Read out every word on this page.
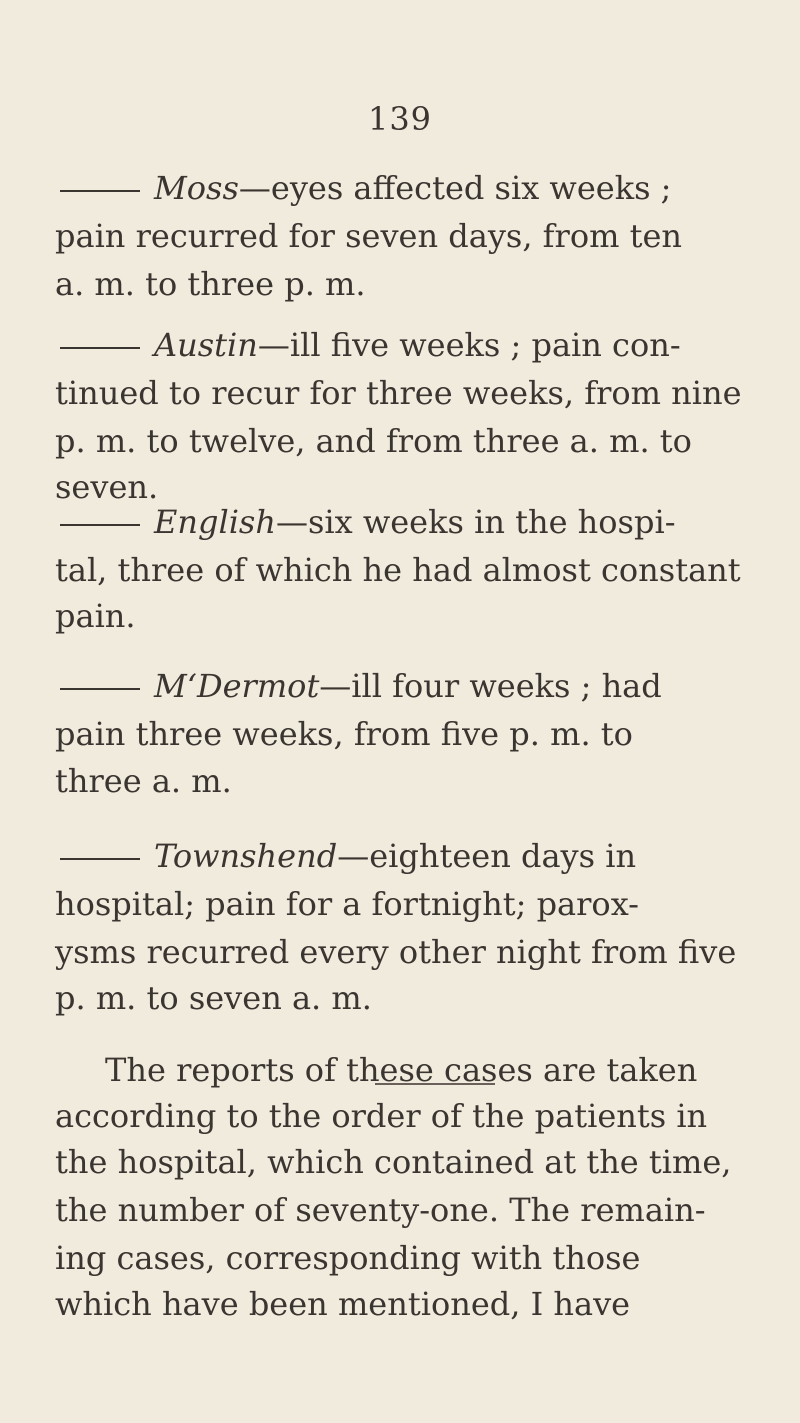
139
Moss—eyes affected six weeks ;
pain recurred for seven days, from ten
a. m. to three p. m.
Austin—ill five weeks ; pain con-
tinued to recur for three weeks, from nine
p. m. to twelve, and from three a. m. to
seven.
English—six weeks in the hospi-
tal, three of which he had almost constant
pain.
M‘Dermot—ill four weeks ; had
pain three weeks, from five p. m. to
three a. m.
Townshend—eighteen days in
hospital; pain for a fortnight; parox-
ysms recurred every other night from five
p. m. to seven a. m.
The reports of these cases are taken
according to the order of the patients in
the hospital, which contained at the time,
the number of seventy-one. The remain-
ing cases, corresponding with those
which have been mentioned, I have
